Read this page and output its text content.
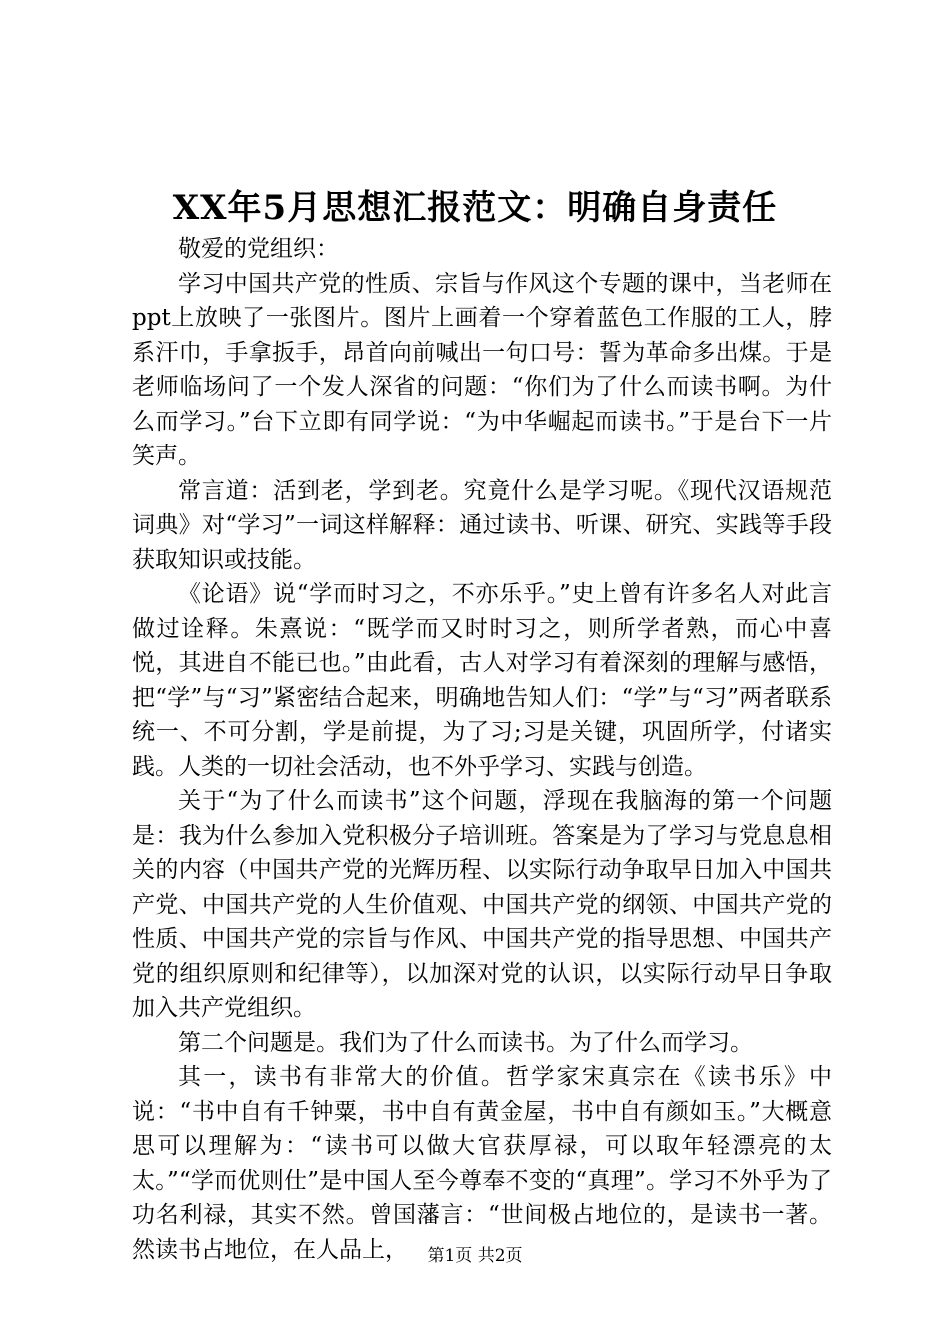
XX年5月思想汇报范文：明确自身责任

敬爱的党组织：

学习中国共产党的性质、宗旨与作风这个专题的课中，当老师在ppt上放映了一张图片。图片上画着一个穿着蓝色工作服的工人，脖系汗巾，手拿扳手，昂首向前喊出一句口号：誓为革命多出煤。于是老师临场问了一个发人深省的问题：“你们为了什么而读书啊。为什么而学习。”台下立即有同学说：“为中华崛起而读书。”于是台下一片笑声。

常言道：活到老，学到老。究竟什么是学习呢。《现代汉语规范词典》对“学习”一词这样解释：通过读书、听课、研究、实践等手段获取知识或技能。

《论语》说“学而时习之，不亦乐乎。”史上曾有许多名人对此言做过诠释。朱熹说：“既学而又时时习之，则所学者熟，而心中喜悦，其进自不能已也。”由此看，古人对学习有着深刻的理解与感悟，把“学”与“习”紧密结合起来，明确地告知人们：“学”与“习”两者联系统一、不可分割，学是前提，为了习;习是关键，巩固所学，付诸实践。人类的一切社会活动，也不外乎学习、实践与创造。

关于“为了什么而读书”这个问题，浮现在我脑海的第一个问题是：我为什么参加入党积极分子培训班。答案是为了学习与党息息相关的内容（中国共产党的光辉历程、以实际行动争取早日加入中国共产党、中国共产党的人生价值观、中国共产党的纲领、中国共产党的性质、中国共产党的宗旨与作风、中国共产党的指导思想、中国共产党的组织原则和纪律等），以加深对党的认识，以实际行动早日争取加入共产党组织。

第二个问题是。我们为了什么而读书。为了什么而学习。

其一，读书有非常大的价值。哲学家宋真宗在《读书乐》中说：“书中自有千钟粟，书中自有黄金屋，书中自有颜如玉。”大概意思可以理解为：“读书可以做大官获厚禄，可以取年轻漂亮的太太。”“学而优则仕”是中国人至今尊奉不变的“真理”。学习不外乎为了功名利禄，其实不然。曾国藩言：“世间极占地位的，是读书一著。然读书占地位，在人品上，	第1页 共2页
